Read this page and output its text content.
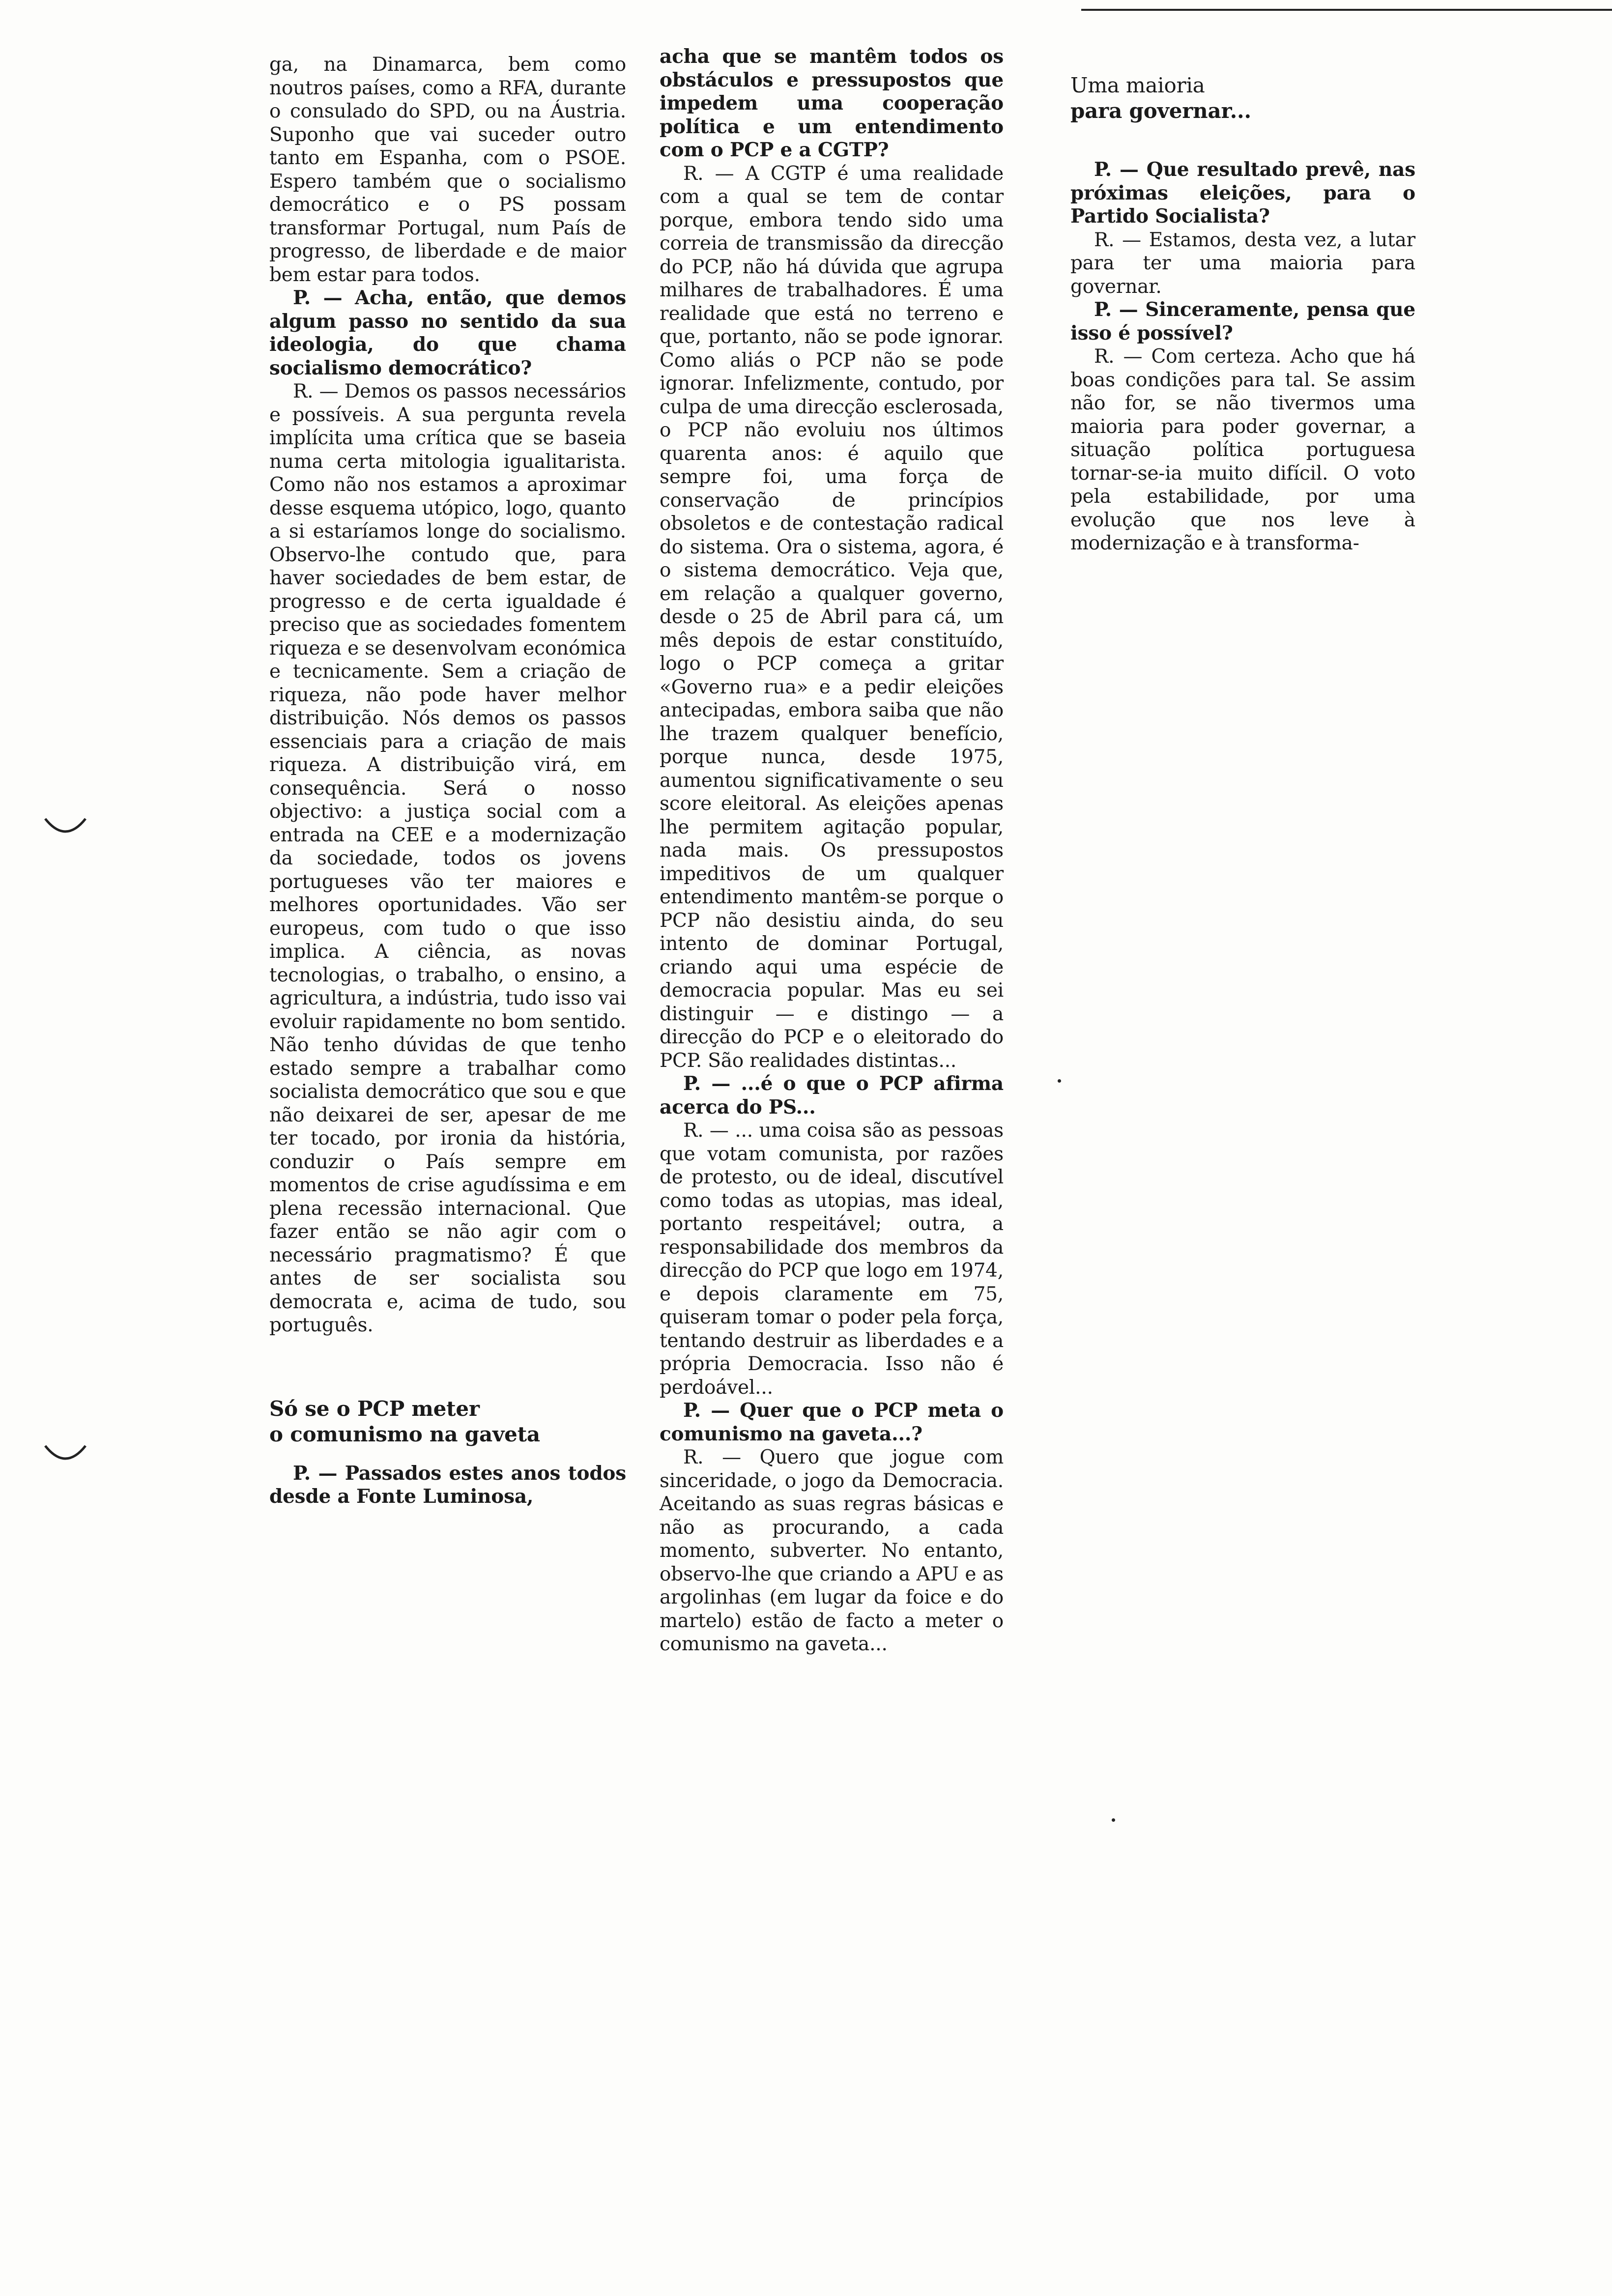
ga, na Dinamarca, bem como noutros países, como a RFA, durante o consulado do SPD, ou na Áustria. Suponho que vai suceder outro tanto em Espanha, com o PSOE. Espero também que o socialismo democrático e o PS possam transformar Portugal, num País de progresso, de liberdade e de maior bem estar para todos.

P. — Acha, então, que demos algum passo no sentido da sua ideologia, do que chama socialismo democrático?

R. — Demos os passos necessários e possíveis. A sua pergunta revela implícita uma crítica que se baseia numa certa mitologia igualitarista. Como não nos estamos a aproximar desse esquema utópico, logo, quanto a si estaríamos longe do socialismo. Observo-lhe contudo que, para haver sociedades de bem estar, de progresso e de certa igualdade é preciso que as sociedades fomentem riqueza e se desenvolvam económica e tecnicamente. Sem a criação de riqueza, não pode haver melhor distribuição. Nós demos os passos essenciais para a criação de mais riqueza. A distribuição virá, em consequência. Será o nosso objectivo: a justiça social com a entrada na CEE e a modernização da sociedade, todos os jovens portugueses vão ter maiores e melhores oportunidades. Vão ser europeus, com tudo o que isso implica. A ciência, as novas tecnologias, o trabalho, o ensino, a agricultura, a indústria, tudo isso vai evoluir rapidamente no bom sentido. Não tenho dúvidas de que tenho estado sempre a trabalhar como socialista democrático que sou e que não deixarei de ser, apesar de me ter tocado, por ironia da história, conduzir o País sempre em momentos de crise agudíssima e em plena recessão internacional. Que fazer então se não agir com o necessário pragmatismo? É que antes de ser socialista sou democrata e, acima de tudo, sou português.

Só se o PCP meter
o comunismo na gaveta

P. — Passados estes anos todos desde a Fonte Luminosa,

acha que se mantêm todos os obstáculos e pressupostos que impedem uma cooperação política e um entendimento com o PCP e a CGTP?

R. — A CGTP é uma realidade com a qual se tem de contar porque, embora tendo sido uma correia de transmissão da direcção do PCP, não há dúvida que agrupa milhares de trabalhadores. É uma realidade que está no terreno e que, portanto, não se pode ignorar. Como aliás o PCP não se pode ignorar. Infelizmente, contudo, por culpa de uma direcção esclerosada, o PCP não evoluiu nos últimos quarenta anos: é aquilo que sempre foi, uma força de conservação de princípios obsoletos e de contestação radical do sistema. Ora o sistema, agora, é o sistema democrático. Veja que, em relação a qualquer governo, desde o 25 de Abril para cá, um mês depois de estar constituído, logo o PCP começa a gritar «Governo rua» e a pedir eleições antecipadas, embora saiba que não lhe trazem qualquer benefício, porque nunca, desde 1975, aumentou significativamente o seu score eleitoral. As eleições apenas lhe permitem agitação popular, nada mais. Os pressupostos impeditivos de um qualquer entendimento mantêm-se porque o PCP não desistiu ainda, do seu intento de dominar Portugal, criando aqui uma espécie de democracia popular. Mas eu sei distinguir — e distingo — a direcção do PCP e o eleitorado do PCP. São realidades distintas...

P. — ...é o que o PCP afirma acerca do PS...

R. — ... uma coisa são as pessoas que votam comunista, por razões de protesto, ou de ideal, discutível como todas as utopias, mas ideal, portanto respeitável; outra, a responsabilidade dos membros da direcção do PCP que logo em 1974, e depois claramente em 75, quiseram tomar o poder pela força, tentando destruir as liberdades e a própria Democracia. Isso não é perdoável...

P. — Quer que o PCP meta o comunismo na gaveta...?

R. — Quero que jogue com sinceridade, o jogo da Democracia. Aceitando as suas regras básicas e não as procurando, a cada momento, subverter. No entanto, observo-lhe que criando a APU e as argolinhas (em lugar da foice e do martelo) estão de facto a meter o comunismo na gaveta...

Uma maioria
para governar...

P. — Que resultado prevê, nas próximas eleições, para o Partido Socialista?

R. — Estamos, desta vez, a lutar para ter uma maioria para governar.

P. — Sinceramente, pensa que isso é possível?

R. — Com certeza. Acho que há boas condições para tal. Se assim não for, se não tivermos uma maioria para poder governar, a situação política portuguesa tornar-se-ia muito difícil. O voto pela estabilidade, por uma evolução que nos leve à modernização e à transforma-
